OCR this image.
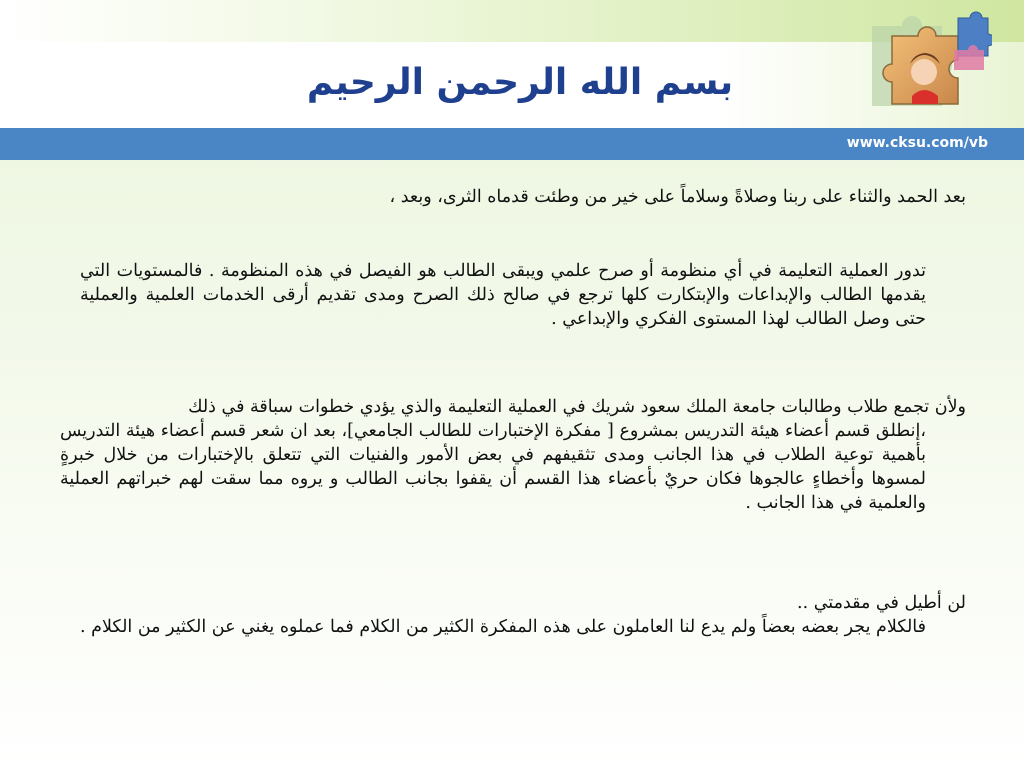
بسم الله الرحمن الرحيم
www.cksu.com/vb
بعد الحمد والثناء على ربنا وصلاةً وسلاماً على خير من وطئت قدماه الثرى، وبعد ،
تدور العملية التعليمة في أي منظومة أو صرح علمي ويبقى الطالب هو الفيصل في هذه المنظومة . فالمستويات التي يقدمها الطالب والإبداعات والإبتكارت كلها ترجع في صالح ذلك الصرح ومدى تقديم أرقى الخدمات العلمية والعملية حتى وصل الطالب لهذا المستوى الفكري والإبداعي .
ولأن تجمع طلاب وطالبات جامعة الملك سعود شريك في العملية التعليمة والذي يؤدي خطوات سباقة في ذلك
،إنطلق قسم أعضاء هيئة التدريس بمشروع [ مفكرة الإختبارات للطالب الجامعي]، بعد ان شعر قسم أعضاء هيئة التدريس بأهمية توعية الطلاب في هذا الجانب ومدى تثقيفهم في بعض الأمور والفنيات التي تتعلق بالإختبارات من خلال خبرةٍ لمسوها وأخطاءٍ عالجوها فكان حريٌ بأعضاء هذا القسم أن يقفوا بجانب الطالب و يروه مما سقت لهم خبراتهم العملية والعلمية في هذا الجانب .
لن أطيل في مقدمتي ..
فالكلام يجر بعضه بعضاً ولم يدع لنا العاملون على هذه المفكرة الكثير من الكلام فما عملوه يغني عن الكثير من الكلام .
